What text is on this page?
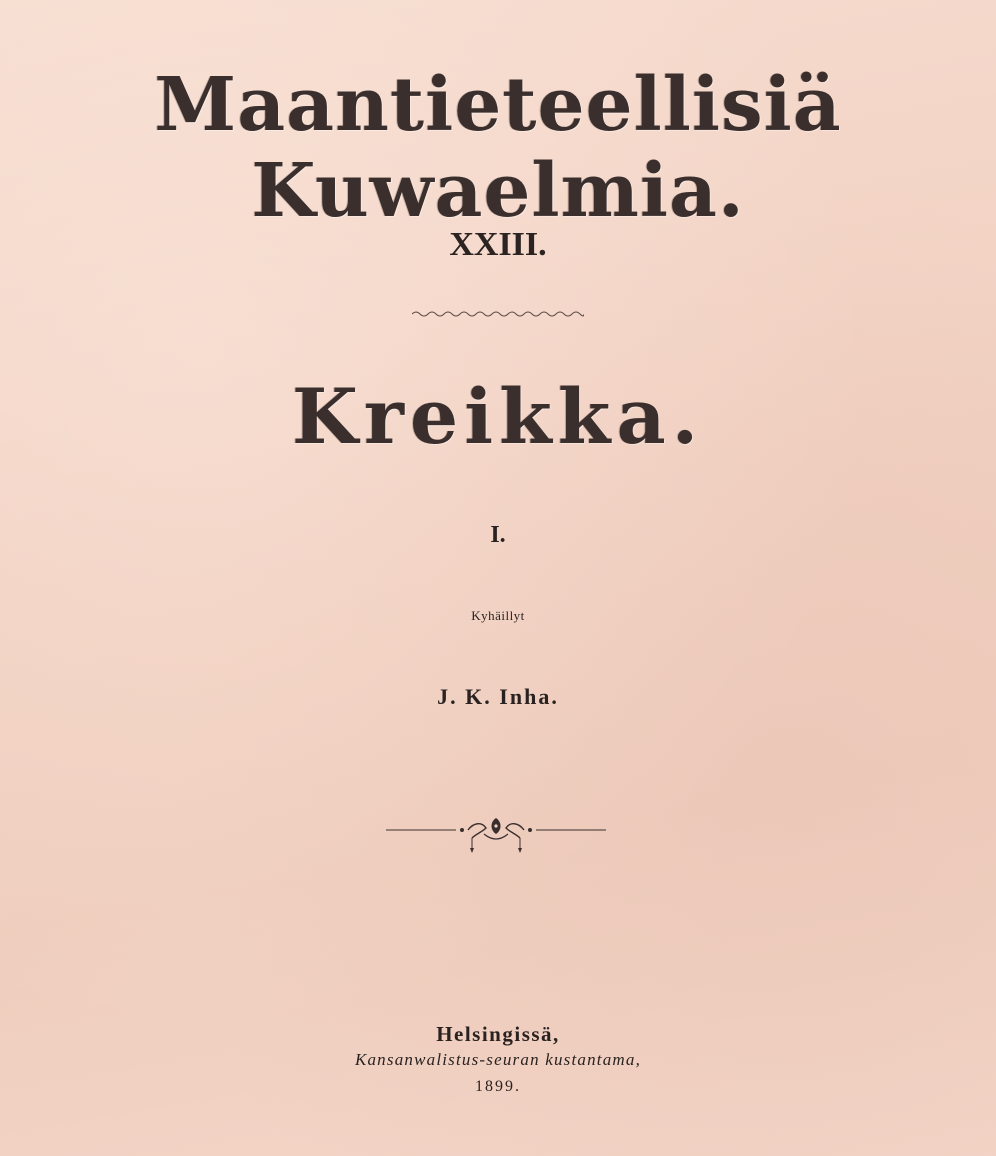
Maantieteellisiä Kuwaelmia.
XXIII.
Kreikka.
I.
Kyhäillyt
J. K. Inha.
Helsingissä,
Kansanwalistus-seuran kustantama,
1899.
